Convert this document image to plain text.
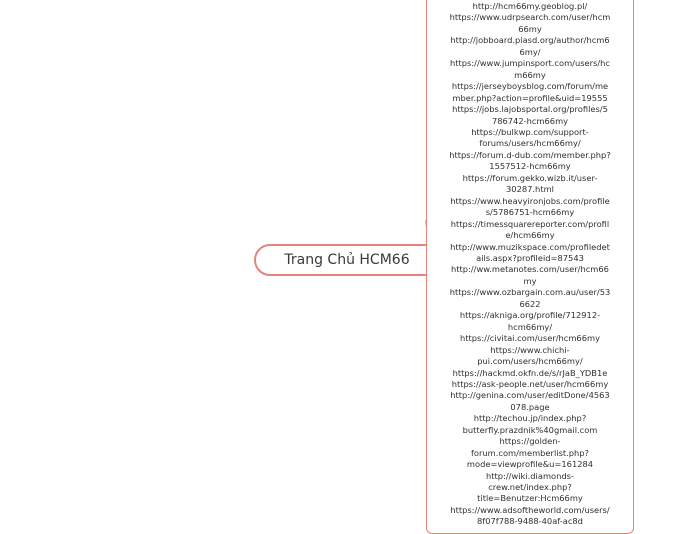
Trang Chủ HCM66
http://hcm66my.geoblog.pl/
https://www.udrpsearch.com/user/hcm
66my
http://jobboard.piasd.org/author/hcm6
6my/
https://www.jumpinsport.com/users/hc
m66my
https://jerseyboysblog.com/forum/me
mber.php?action=profile&uid=19555
https://jobs.lajobsportal.org/profiles/5
786742-hcm66my
https://bulkwp.com/support-
forums/users/hcm66my/
https://forum.d-dub.com/member.php?
1557512-hcm66my
https://forum.gekko.wizb.it/user-
30287.html
https://www.heavyironjobs.com/profile
s/5786751-hcm66my
https://timessquarereporter.com/profil
e/hcm66my
http://www.muzikspace.com/profiledet
ails.aspx?profileid=87543
http://ww.metanotes.com/user/hcm66
my
https://www.ozbargain.com.au/user/53
6622
https://akniga.org/profile/712912-
hcm66my/
https://civitai.com/user/hcm66my
https://www.chichi-
pui.com/users/hcm66my/
https://hackmd.okfn.de/s/rJaB_YDB1e
https://ask-people.net/user/hcm66my
http://genina.com/user/editDone/4563
078.page
http://techou.jp/index.php?
butterfly.prazdnik%40gmail.com
https://golden-
forum.com/memberlist.php?
mode=viewprofile&u=161284
http://wiki.diamonds-
crew.net/index.php?
title=Benutzer:Hcm66my
https://www.adsoftheworld.com/users/
8f07f788-9488-40af-ac8d
